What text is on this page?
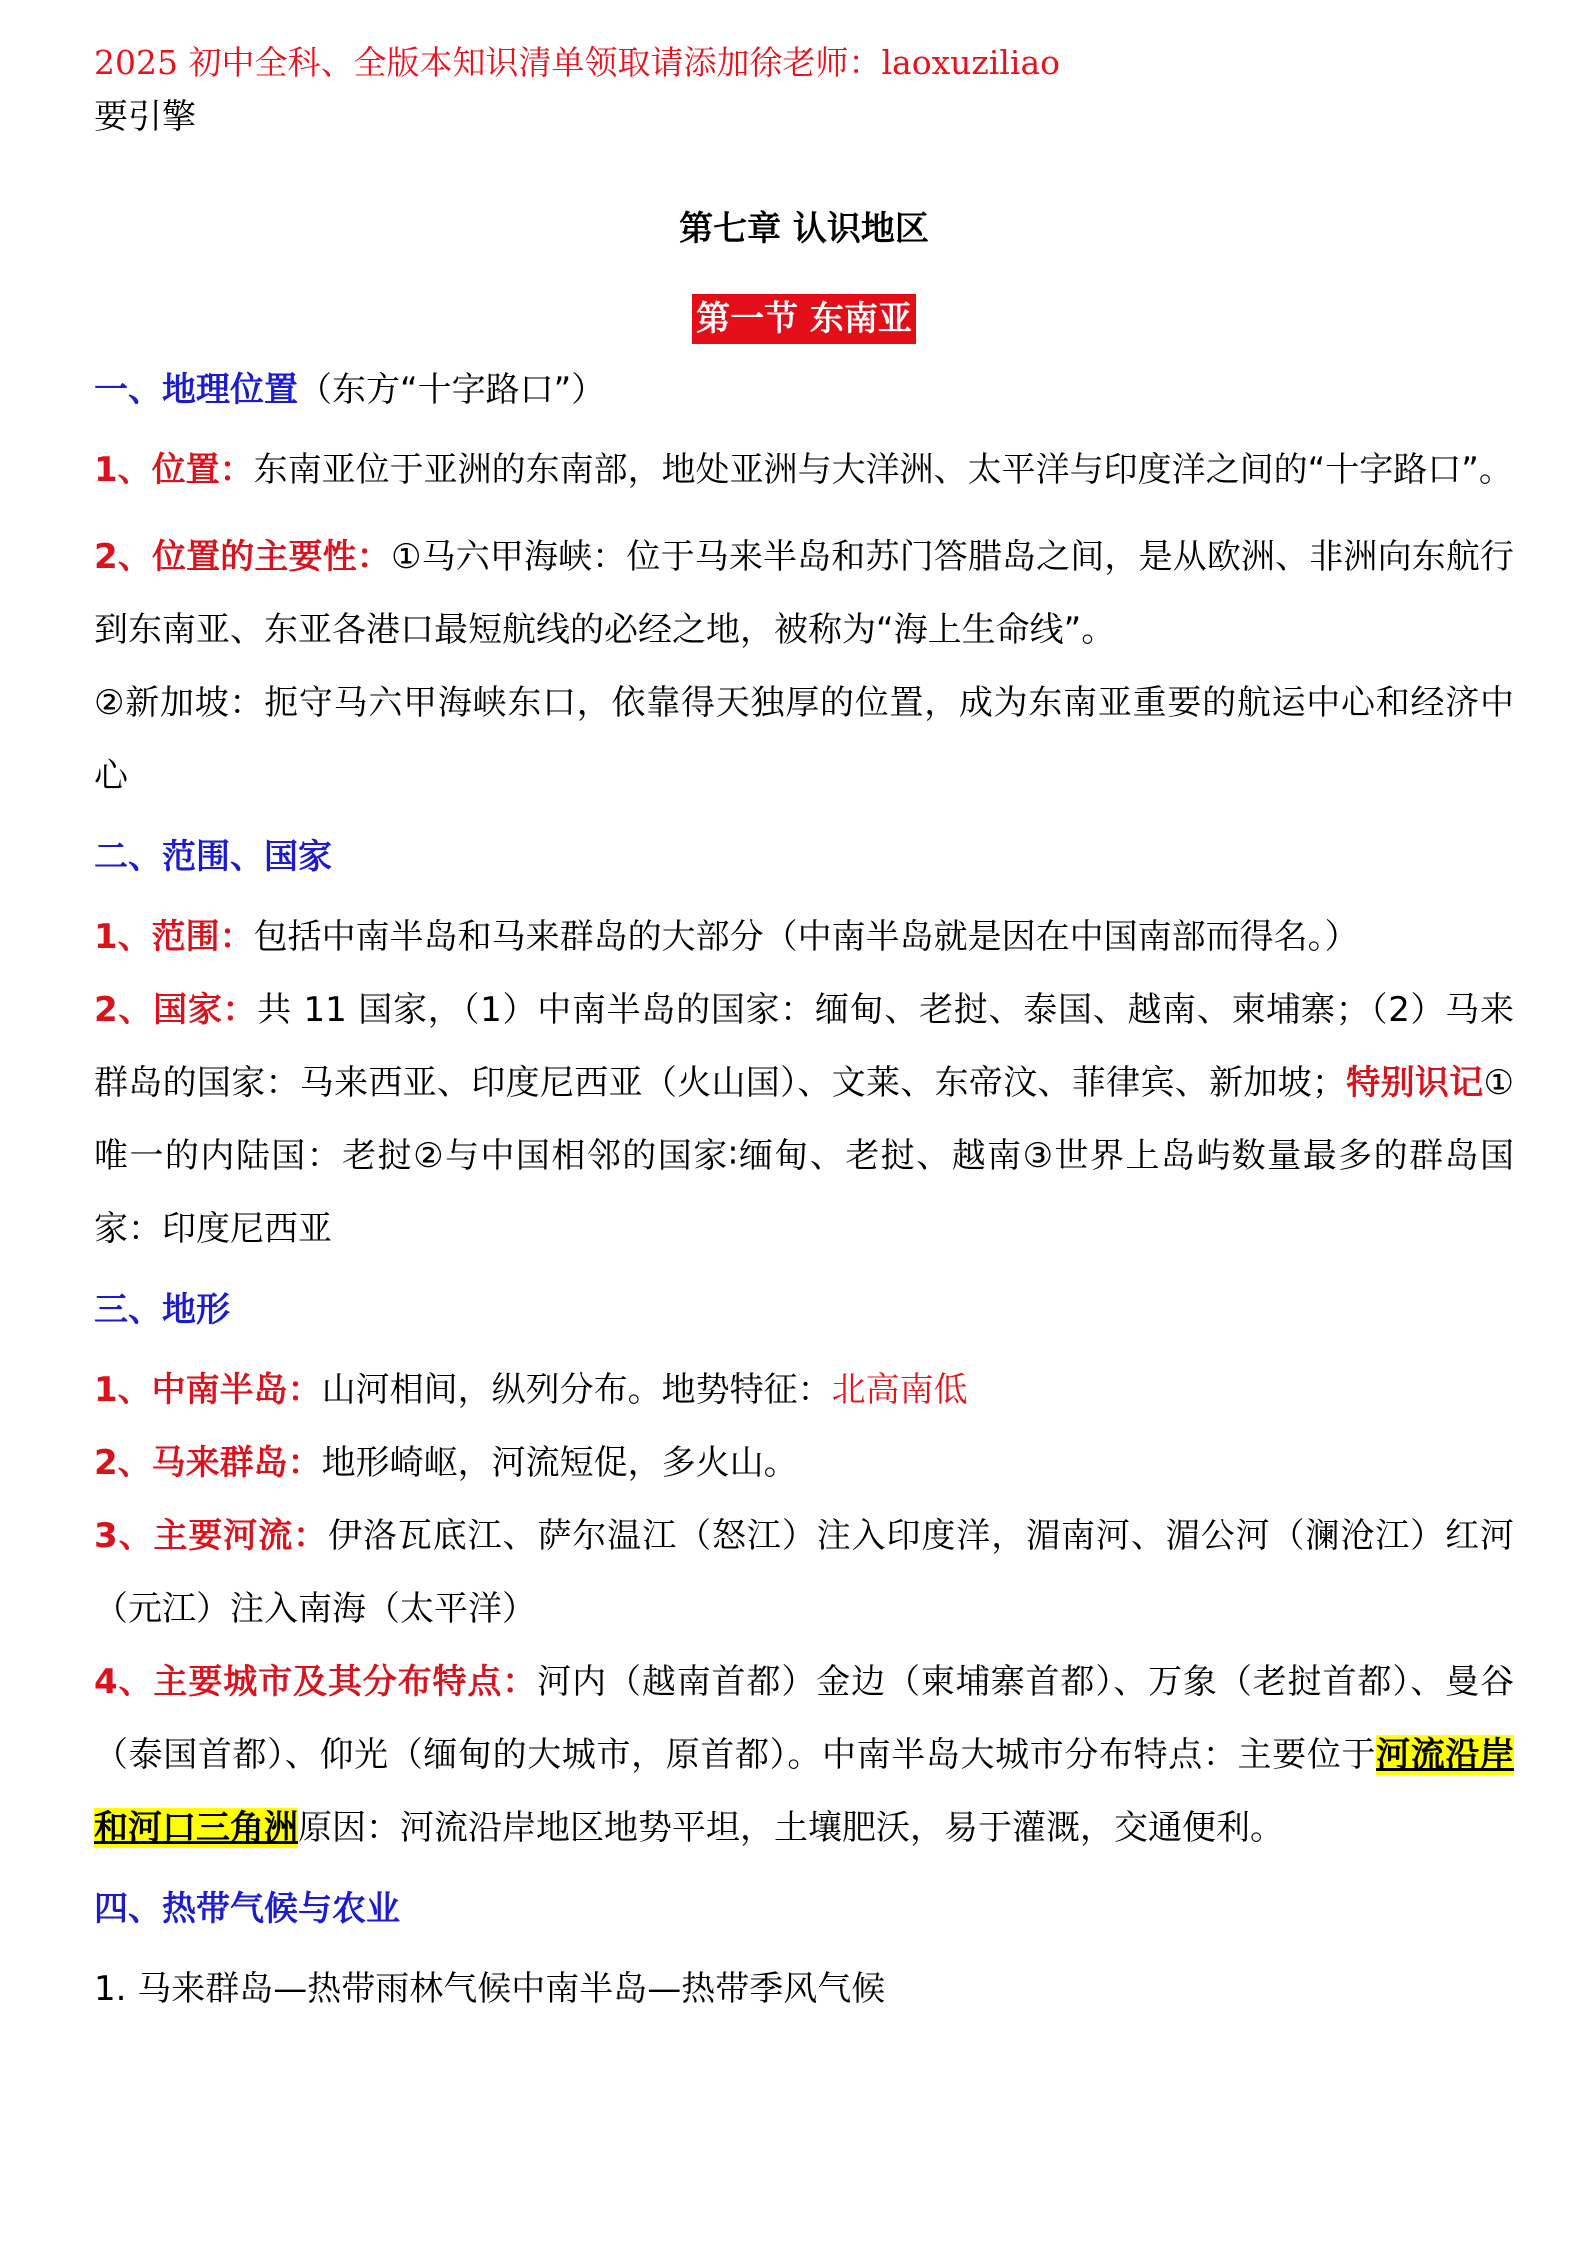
2025 初中全科、全版本知识清单领取请添加徐老师：laoxuziliao
要引擎
第七章 认识地区
第一节 东南亚
一、地理位置（东方“十字路口”）
1、位置：东南亚位于亚洲的东南部，地处亚洲与大洋洲、太平洋与印度洋之间的“十字路口”。
2、位置的主要性：①马六甲海峡：位于马来半岛和苏门答腊岛之间，是从欧洲、非洲向东航行到东南亚、东亚各港口最短航线的必经之地，被称为“海上生命线”。
②新加坡：扼守马六甲海峡东口，依靠得天独厚的位置，成为东南亚重要的航运中心和经济中心
二、范围、国家
1、范围：包括中南半岛和马来群岛的大部分（中南半岛就是因在中国南部而得名。）
2、国家：共 11 国家，（1）中南半岛的国家：缅甸、老挝、泰国、越南、柬埔寨；（2）马来群岛的国家：马来西亚、印度尼西亚（火山国）、文莱、东帝汶、菲律宾、新加坡；特别识记①唯一的内陆国：老挝②与中国相邻的国家∶缅甸、老挝、越南③世界上岛屿数量最多的群岛国家：印度尼西亚
三、地形
1、中南半岛：山河相间，纵列分布。地势特征：北高南低
2、马来群岛：地形崎岖，河流短促，多火山。
3、主要河流：伊洛瓦底江、萨尔温江（怒江）注入印度洋，湄南河、湄公河（澜沧江）红河（元江）注入南海（太平洋）
4、主要城市及其分布特点：河内（越南首都）金边（柬埔寨首都）、万象（老挝首都）、曼谷（泰国首都）、仰光（缅甸的大城市，原首都）。中南半岛大城市分布特点：主要位于河流沿岸和河口三角洲原因：河流沿岸地区地势平坦，土壤肥沃，易于灌溉，交通便利。
四、热带气候与农业
1. 马来群岛—热带雨林气候中南半岛—热带季风气候
